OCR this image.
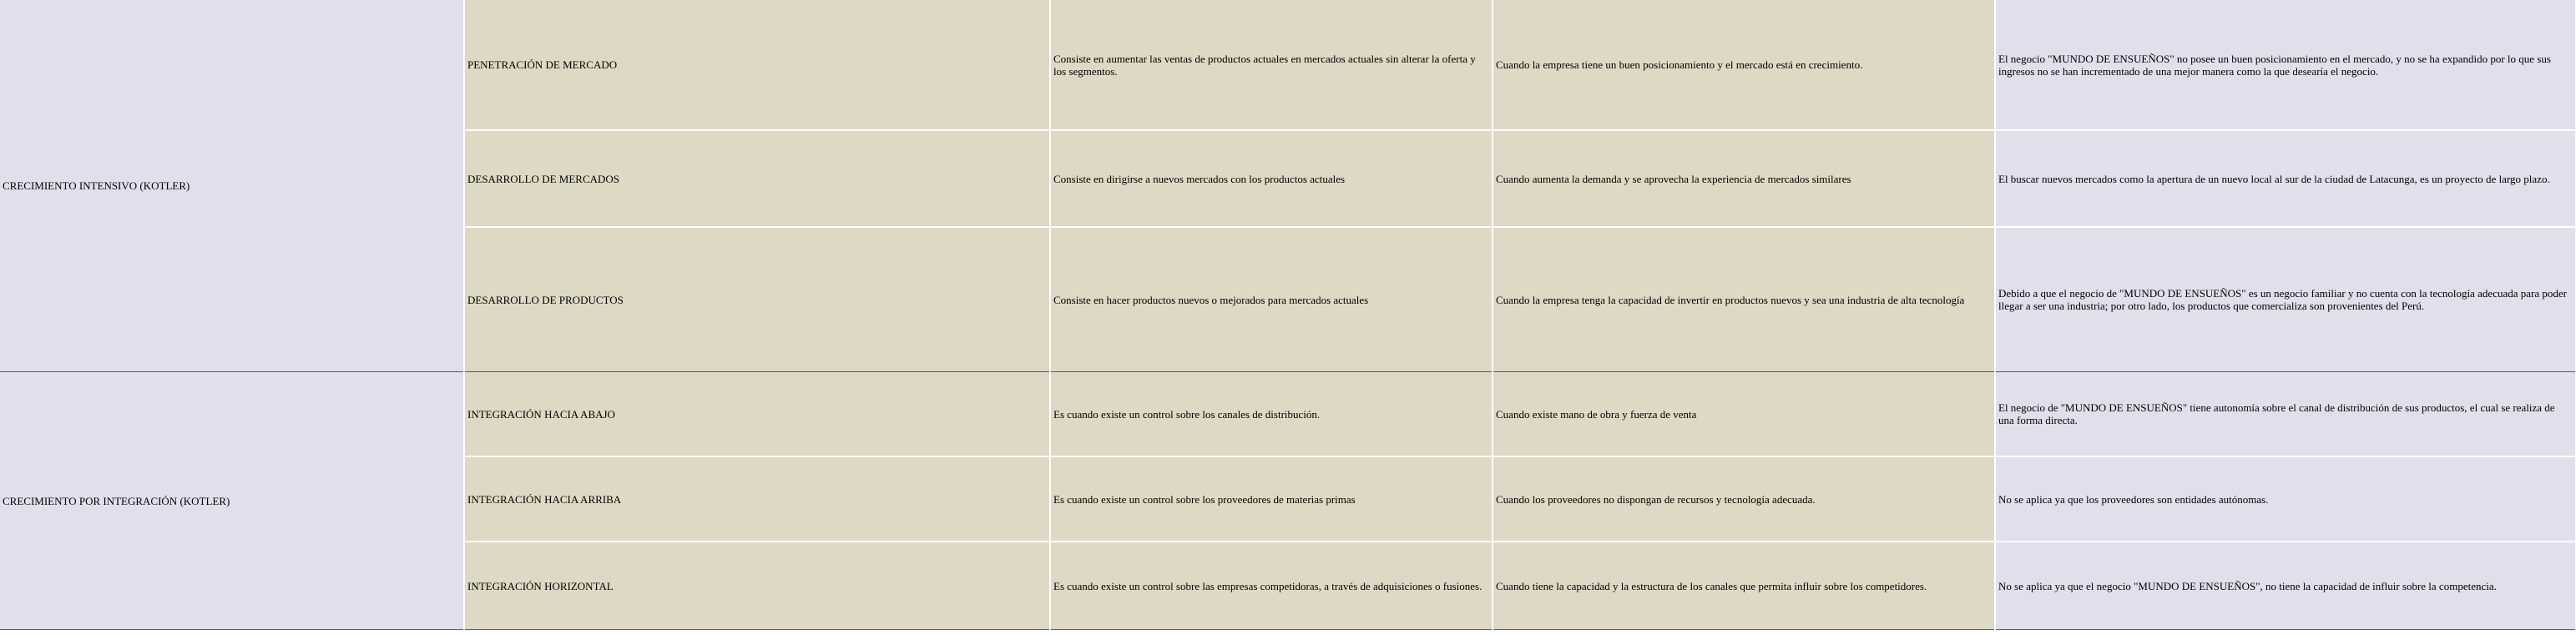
CRECIMIENTO INTENSIVO (KOTLER)	PENETRACIÓN DE MERCADO	Consiste en aumentar las ventas de productos actuales en mercados actuales sin alterar la oferta y los segmentos.	Cuando la empresa tiene un buen posicionamiento y el mercado está en crecimiento.	El negocio "MUNDO DE ENSUEÑOS" no posee un buen posicionamiento en el mercado, y no se ha expandido por lo que sus ingresos no se han incrementado de una mejor manera como la que desearía el negocio.
	DESARROLLO DE MERCADOS	Consiste en dirigirse a nuevos mercados con los productos actuales	Cuando aumenta la demanda y se aprovecha la experiencia de mercados similares	El buscar nuevos mercados como la apertura de un nuevo local al sur de la ciudad de Latacunga, es un proyecto de largo plazo.
	DESARROLLO DE PRODUCTOS	Consiste en hacer productos nuevos o mejorados para mercados actuales	Cuando la empresa tenga la capacidad de invertir en productos nuevos y sea una industria de alta tecnología	Debido a que el negocio de "MUNDO DE ENSUEÑOS" es un negocio familiar y no cuenta con la tecnología adecuada para poder llegar a ser una industria; por otro lado, los productos que comercializa son provenientes del Perú.
CRECIMIENTO POR INTEGRACIÓN (KOTLER)	INTEGRACIÓN HACIA ABAJO	Es cuando existe un control sobre los canales de distribución.	Cuando existe mano de obra y fuerza de venta	El negocio de "MUNDO DE ENSUEÑOS" tiene autonomía sobre el canal de distribución de sus productos, el cual se realiza de una forma directa.
	INTEGRACIÓN HACIA ARRIBA	Es cuando existe un control sobre los proveedores de materias primas	Cuando los proveedores no dispongan de recursos y tecnología adecuada.	No se aplica ya que los proveedores son entidades autónomas.
	INTEGRACIÓN HORIZONTAL	Es cuando existe un control sobre las empresas competidoras, a través de adquisiciones o fusiones.	Cuando tiene la capacidad y la estructura de los canales que permita influir sobre los competidores.	No se aplica ya que el negocio "MUNDO DE ENSUEÑOS", no tiene la capacidad de influir sobre la competencia.
